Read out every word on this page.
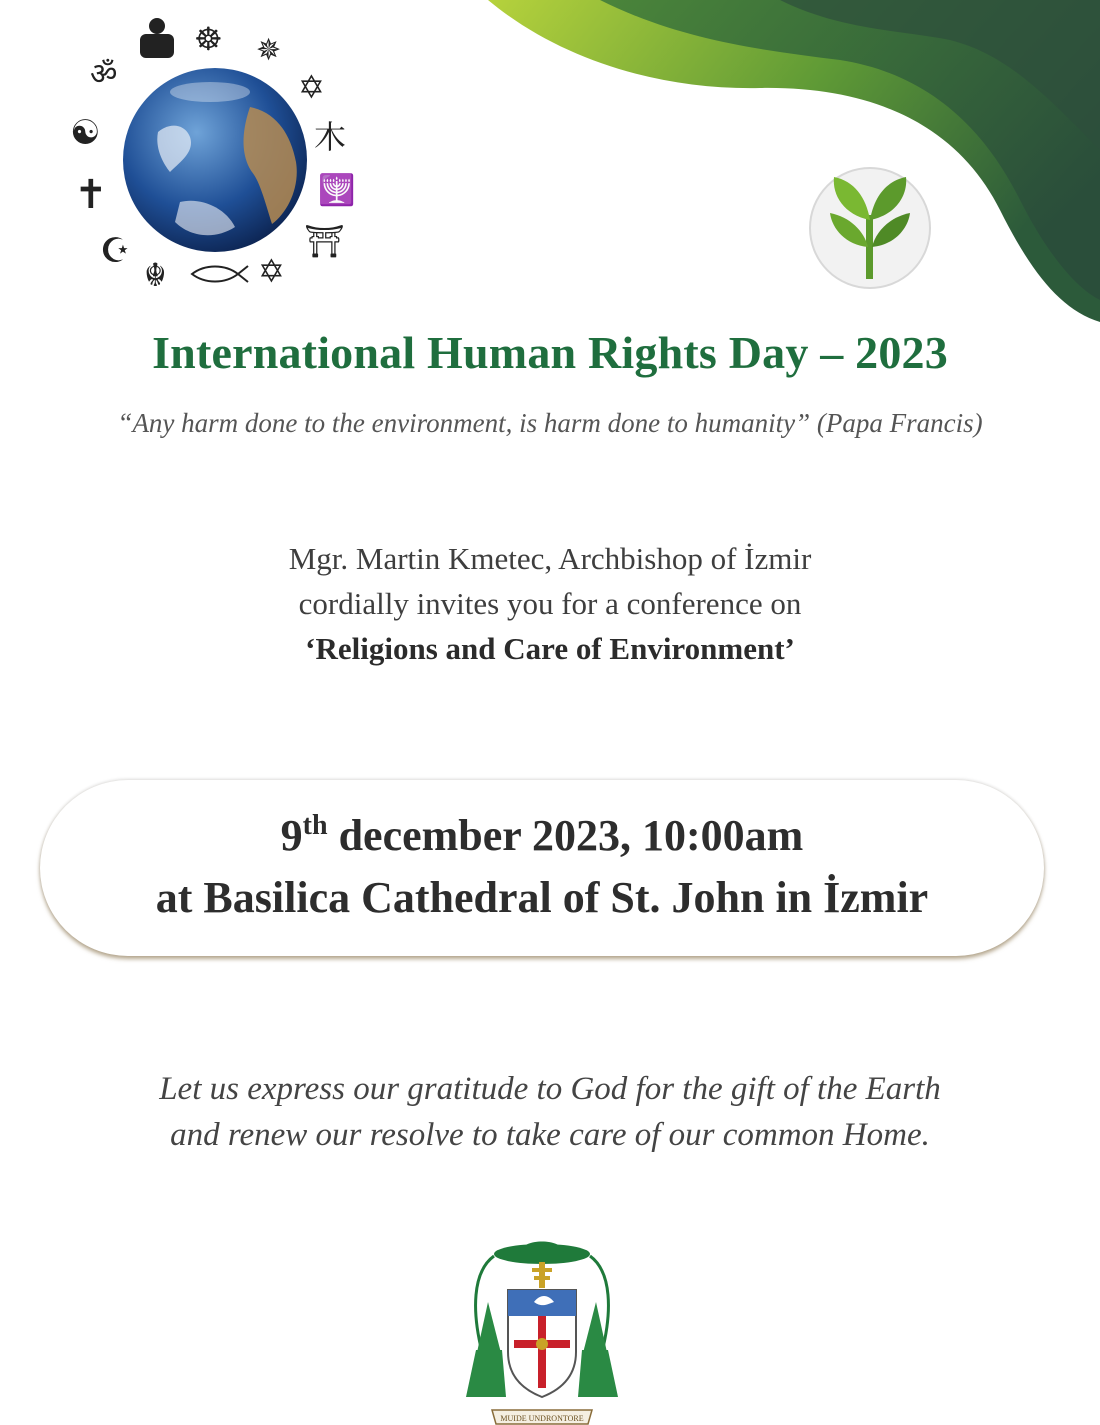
ॐ
☯
✝
☪
☬	✡
⛩
🕎
木
✡
✵
☸
International Human Rights Day – 2023
“Any harm done to the environment, is harm done to humanity” (Papa Francis)
Mgr. Martin Kmetec, Archbishop of İzmir
cordially invites you for a conference on
‘Religions and Care of Environment’
9th december 2023, 10:00am
at Basilica Cathedral of St. John in İzmir
Let us express our gratitude to God for the gift of the Earth
and renew our resolve to take care of our common Home.
MUIDE UNDRONTORE
